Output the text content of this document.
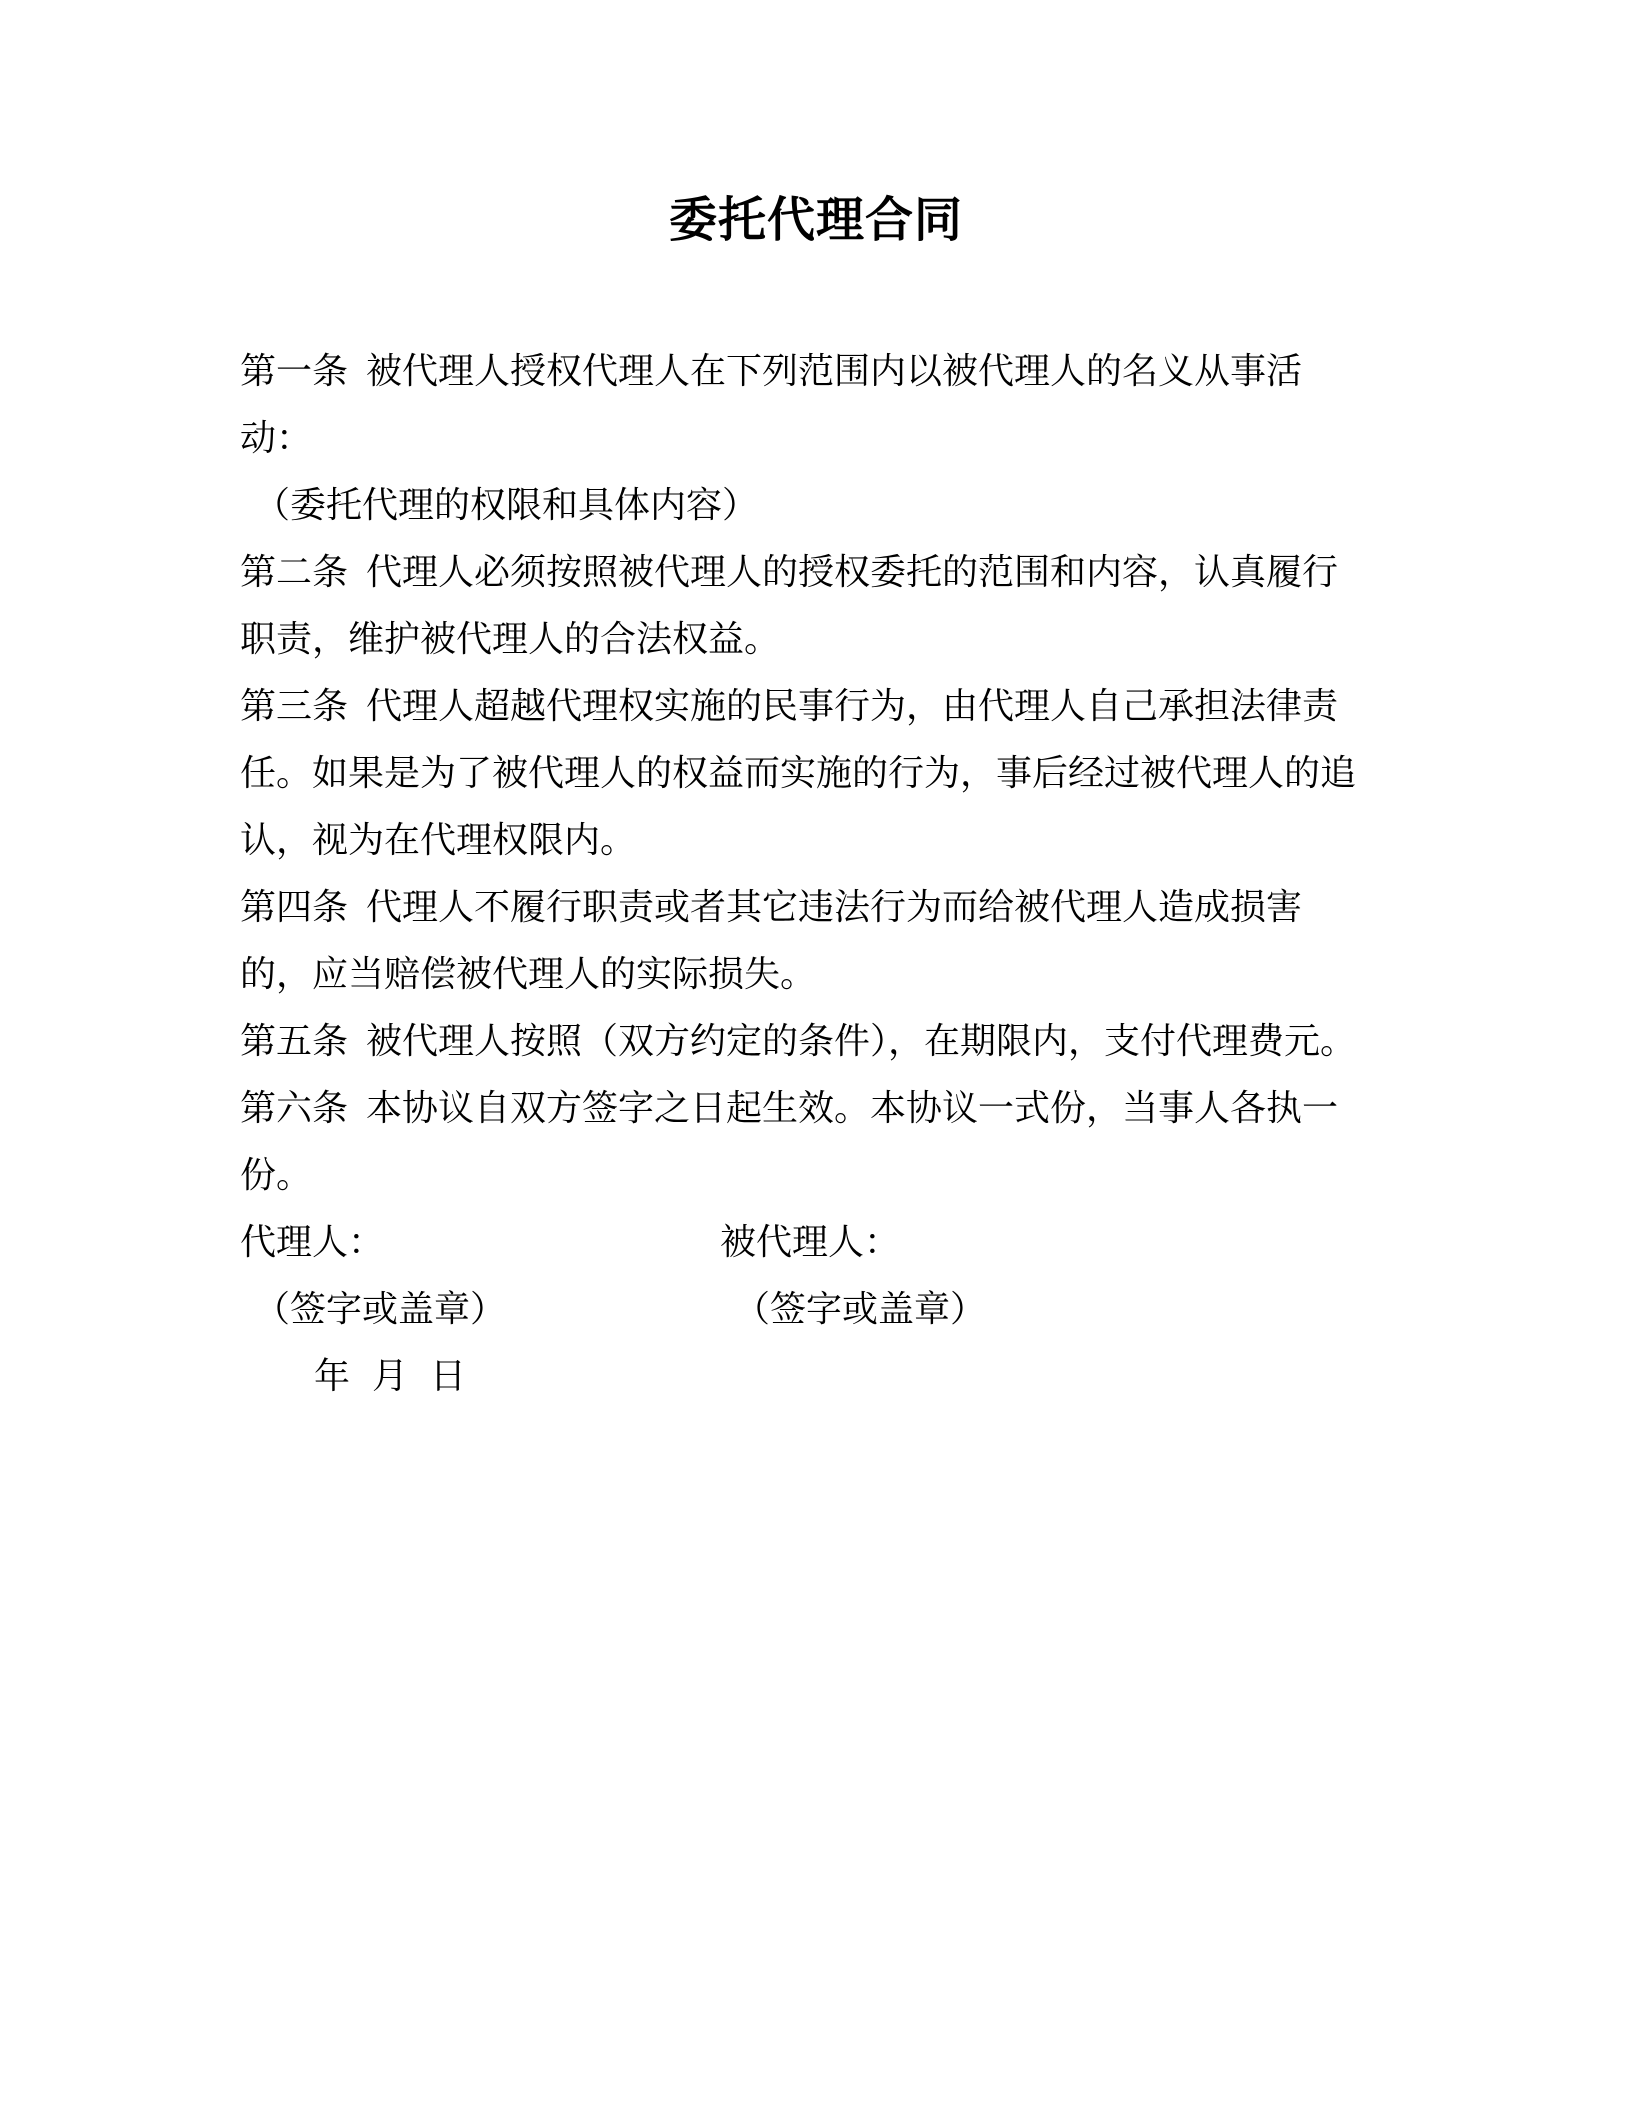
委托代理合同
第一条 被代理人授权代理人在下列范围内以被代理人的名义从事活
动：
（委托代理的权限和具体内容）
第二条 代理人必须按照被代理人的授权委托的范围和内容，认真履行
职责，维护被代理人的合法权益。
第三条 代理人超越代理权实施的民事行为，由代理人自己承担法律责
任。如果是为了被代理人的权益而实施的行为，事后经过被代理人的追
认，视为在代理权限内。
第四条 代理人不履行职责或者其它违法行为而给被代理人造成损害
的，应当赔偿被代理人的实际损失。
第五条 被代理人按照（双方约定的条件），在期限内，支付代理费元。
第六条 本协议自双方签字之日起生效。本协议一式份，当事人各执一
份。
代理人：	被代理人：
（签字或盖章）	（签字或盖章）
年 月 日
